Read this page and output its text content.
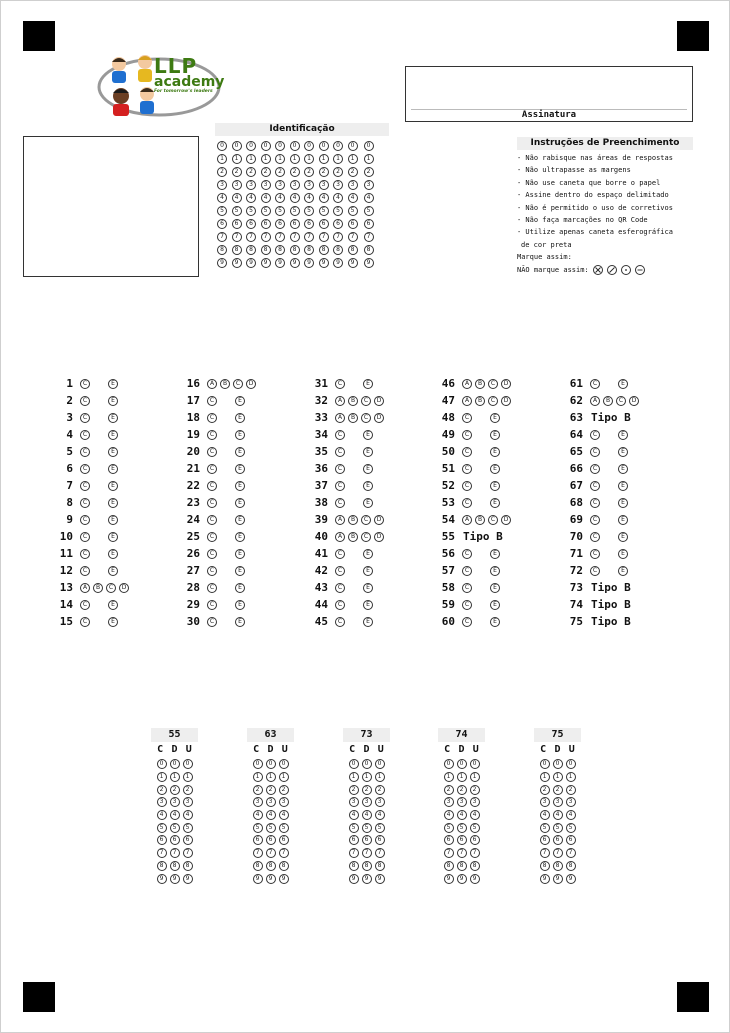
LLP
academy
For tomorrow's leaders
Assinatura
Identificação
0	0	0	0	0	0	0	0	0	0	0
1	1	1	1	1	1	1	1	1	1	1
2	2	2	2	2	2	2	2	2	2	2
3	3	3	3	3	3	3	3	3	3	3
4	4	4	4	4	4	4	4	4	4	4
5	5	5	5	5	5	5	5	5	5	5
6	6	6	6	6	6	6	6	6	6	6
7	7	7	7	7	7	7	7	7	7	7
8	8	8	8	8	8	8	8	8	8	8
9	9	9	9	9	9	9	9	9	9	9
Instruções de Preenchimento
- Não rabisque nas áreas de respostas
- Não ultrapasse as margens
- Não use caneta que borre o papel
- Assine dentro do espaço delimitado
- Não é permitido o uso de corretivos
- Não faça marcações no QR Code
- Utilize apenas caneta esferográfica
de cor preta
Marque assim:
NÃO marque assim:
1	C	E
2	C	E
3	C	E
4	C	E
5	C	E
6	C	E
7	C	E
8	C	E
9	C	E
10	C	E
11	C	E
12	C	E
13	A	B	C	D
14	C	E
15	C	E
16	A	B	C	D
17	C	E
18	C	E
19	C	E
20	C	E
21	C	E
22	C	E
23	C	E
24	C	E
25	C	E
26	C	E
27	C	E
28	C	E
29	C	E
30	C	E
31	C	E
32	A	B	C	D
33	A	B	C	D
34	C	E
35	C	E
36	C	E
37	C	E
38	C	E
39	A	B	C	D
40	A	B	C	D
41	C	E
42	C	E
43	C	E
44	C	E
45	C	E
46	A	B	C	D
47	A	B	C	D
48	C	E
49	C	E
50	C	E
51	C	E
52	C	E
53	C	E
54	A	B	C	D
55 Tipo B
56	C	E
57	C	E
58	C	E
59	C	E
60	C	E
61	C	E
62	A	B	C	D
63 Tipo B
64	C	E
65	C	E
66	C	E
67	C	E
68	C	E
69	C	E
70	C	E
71	C	E
72	C	E
73 Tipo B
74 Tipo B
75 Tipo B
55
C D U
0	0	0
1	1	1
2	2	2
3	3	3
4	4	4
5	5	5
6	6	6
7	7	7
8	8	8
9	9	9
63
C D U
0	0	0
1	1	1
2	2	2
3	3	3
4	4	4
5	5	5
6	6	6
7	7	7
8	8	8
9	9	9
73
C D U
0	0	0
1	1	1
2	2	2
3	3	3
4	4	4
5	5	5
6	6	6
7	7	7
8	8	8
9	9	9
74
C D U
0	0	0
1	1	1
2	2	2
3	3	3
4	4	4
5	5	5
6	6	6
7	7	7
8	8	8
9	9	9
75
C D U
0	0	0
1	1	1
2	2	2
3	3	3
4	4	4
5	5	5
6	6	6
7	7	7
8	8	8
9	9	9
